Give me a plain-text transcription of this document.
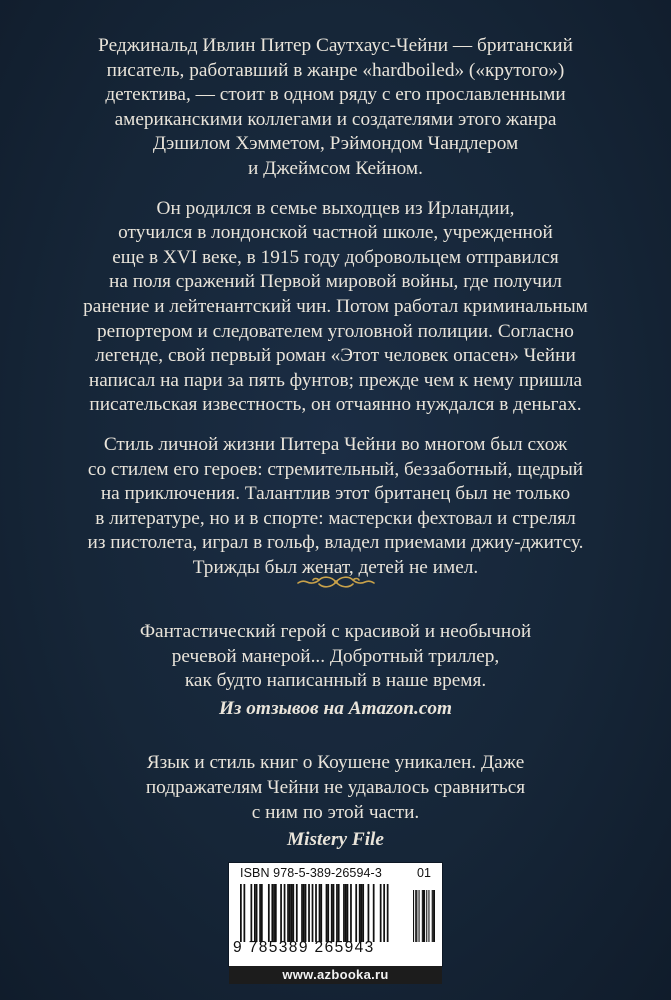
Реджинальд Ивлин Питер Саутхаус-Чейни — британский
писатель, работавший в жанре «hardboiled» («крутого»)
детектива, — стоит в одном ряду с его прославленными
американскими коллегами и создателями этого жанра
Дэшилом Хэмметом, Рэймондом Чандлером
и Джеймсом Кейном.

Он родился в семье выходцев из Ирландии,
отучился в лондонской частной школе, учрежденной
еще в XVI веке, в 1915 году добровольцем отправился
на поля сражений Первой мировой войны, где получил
ранение и лейтенантский чин. Потом работал криминальным
репортером и следователем уголовной полиции. Согласно
легенде, свой первый роман «Этот человек опасен» Чейни
написал на пари за пять фунтов; прежде чем к нему пришла
писательская известность, он отчаянно нуждался в деньгах.

Стиль личной жизни Питера Чейни во многом был схож
со стилем его героев: стремительный, беззаботный, щедрый
на приключения. Талантлив этот британец был не только
в литературе, но и в спорте: мастерски фехтовал и стрелял
из пистолета, играл в гольф, владел приемами джиу-джитсу.
Трижды был женат, детей не имел.

Фантастический герой с красивой и необычной
речевой манерой... Добротный триллер,
как будто написанный в наше время.

Из отзывов на Amazon.com

Язык и стиль книг о Коушене уникален. Даже
подражателям Чейни не удавалось сравниться
с ним по этой части.

Mistery File

ISBN 978-5-389-26594-3	01
9 785389 265943
www.azbooka.ru
